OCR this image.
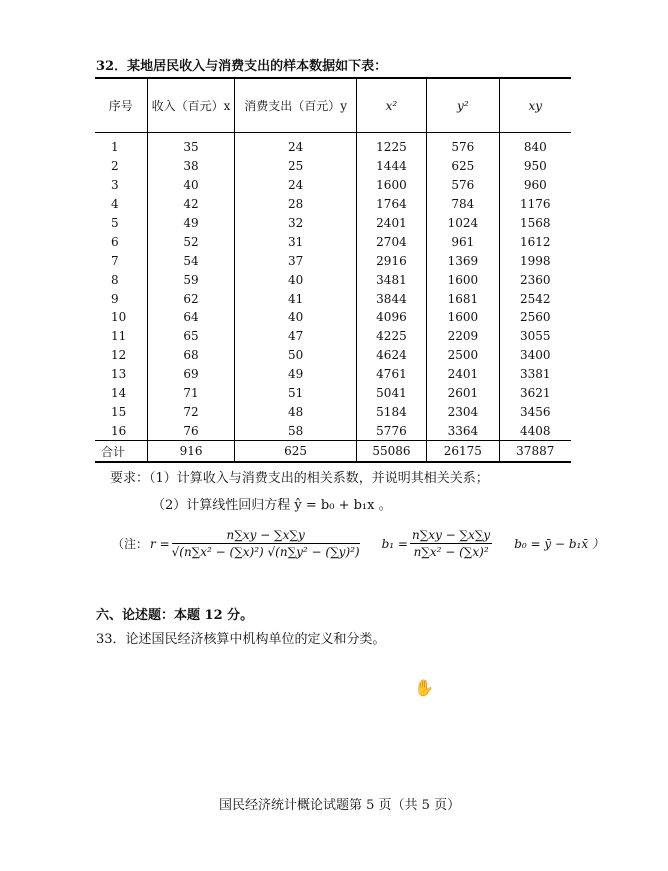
32．某地居民收入与消费支出的样本数据如下表：
序号	收入（百元）x	消费支出（百元）y	x²	y²	xy
1	35	24	1225	576	840
2	38	25	1444	625	950
3	40	24	1600	576	960
4	42	28	1764	784	1176
5	49	32	2401	1024	1568
6	52	31	2704	961	1612
7	54	37	2916	1369	1998
8	59	40	3481	1600	2360
9	62	41	3844	1681	2542
10	64	40	4096	1600	2560
11	65	47	4225	2209	3055
12	68	50	4624	2500	3400
13	69	49	4761	2401	3381
14	71	51	5041	2601	3621
15	72	48	5184	2304	3456
16	76	58	5776	3364	4408
合计	916	625	55086	26175	37887
要求：（1）计算收入与消费支出的相关系数，并说明其相关关系；
（2）计算线性回归方程 ŷ = b₀ + b₁x 。
（注： $r = \frac{n\sum xy - \sum x\sum y}{\text{√(n∑x² − (∑x)²) √(n∑y² − (∑y)²)}} b_1 = \frac{n\sum xy - \sum x\sum y}{\text{n∑x² − (∑x)²}} b_0$ = ȳ − b₁x̄ ）
六、论述题：本题 12 分。
33．论述国民经济核算中机构单位的定义和分类。
✋
国民经济统计概论试题第 5 页（共 5 页）
